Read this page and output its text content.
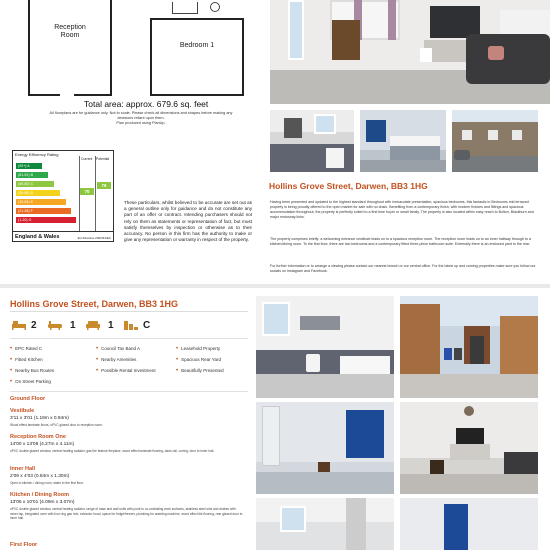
Reception
Room
Bedroom 1
Total area: approx. 679.6 sq. feet
All floorplans are for guidance only. Not to scale. Please check all dimensions and shapes before making any
decisions reliant upon them.
Plan produced using PlanUp.
Energy Efficiency Rating
Current Potential
(92+) A
(81-91) B
(69-80) C
(55-68) D
(39-54) E
(21-38) F
(1-20) G
70
76
England & Wales	EU Directive 2002/91/EC
These particulars, whilst believed to be accurate are set out as a general outline only for guidance and do not constitute any part of an offer or contract. Intending purchasers should not rely on them as statements or representation of fact, but must satisfy themselves by inspection or otherwise as to their accuracy. No person in this firm has the authority to make or give any representation or warranty in respect of the property.
Hollins Grove Street, Darwen, BB3 1HG
Having been presented and updated to the highest standard throughout with immaculate presentation, spacious bedrooms, this fantastic in Bedrooms mid terraced property is being proudly offered to the open market for sale with no chain. Benefiting from a contemporary finish, with modern fixtures and fittings and spacious accommodation throughout, the property is perfectly suited to a first time buyer or small family. The property is also located within easy reach to Bolton, Blackburn and major motorway links.
The property comprises briefly: a welcoming entrance vestibule leads on to a spacious reception room. The reception room leads on to an inner hallway through to a kitchen/dining room. To the first floor, there are two bedrooms and a contemporary fitted three-piece bathroom suite. Externally there is an enclosed yard to the rear.
For further information or to arrange a viewing please contact our nearest branch or our central office. For the latest up and coming properties make sure you follow our socials on Instagram and Facebook.
Hollins Grove Street, Darwen, BB3 1HG
2	1	1	C
• EPC Rated C	• Council Tax Band A	• Leasehold Property
• Fitted Kitchen	• Nearby Amenities	• Spacious Rear Yard
• Nearby Bus Routes	• Possible Rental Investment	• Beautifully Presented
• On Street Parking
Ground Floor
Vestibule
3'11 x 3'01 (1.19m x 0.94m)
Wood effect laminate floors, uPVC glazed door to reception room.
Reception Room One
14'00 x 13'08 (4.27m x 4.11m)
uPVC double glazed window, central heating radiator, gas fire feature fireplace, wood effect laminate flooring, dado rail, coving, door to inner hall.
Inner Hall
2'09 x 4'03 (0.84m x 1.30m)
Open to kitchen / dining room, stairs to the first floor.
Kitchen / Dining Room
13'05 x 10'01 (4.09m x 3.07m)
uPVC double glazed window, central heating radiator, range of base and wall units with point to co-ordinating work surfaces, stainless steel sink and drainer with mixer tap, integrated oven with four ring gas hob, extractor hood, space for fridge/freezer, plumbing for washing machine, wood effect tile flooring, rear glazed door to inner hall.
First Floor
